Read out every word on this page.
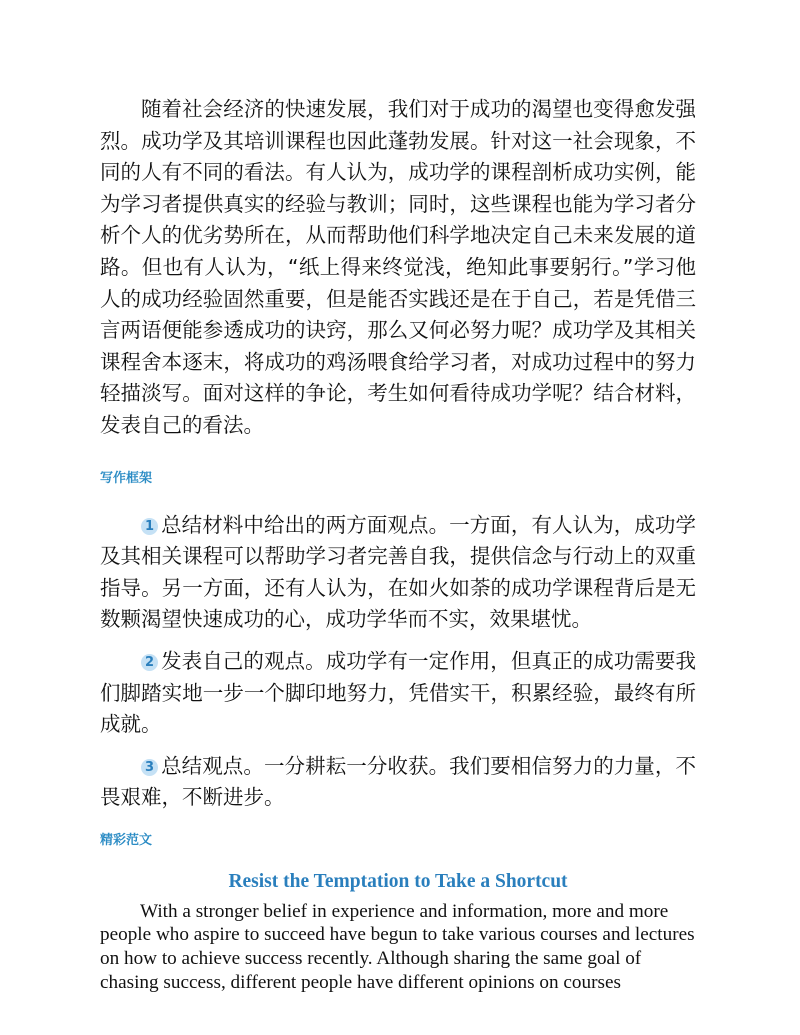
随着社会经济的快速发展，我们对于成功的渴望也变得愈发强烈。成功学及其培训课程也因此蓬勃发展。针对这一社会现象，不同的人有不同的看法。有人认为，成功学的课程剖析成功实例，能为学习者提供真实的经验与教训；同时，这些课程也能为学习者分析个人的优劣势所在，从而帮助他们科学地决定自己未来发展的道路。但也有人认为，“纸上得来终觉浅，绝知此事要躬行。”学习他人的成功经验固然重要，但是能否实践还是在于自己，若是凭借三言两语便能参透成功的诀窍，那么又何必努力呢？成功学及其相关课程舍本逐末，将成功的鸡汤喂食给学习者，对成功过程中的努力轻描淡写。面对这样的争论，考生如何看待成功学呢？结合材料，发表自己的看法。

写作框架

1 总结材料中给出的两方面观点。一方面，有人认为，成功学及其相关课程可以帮助学习者完善自我，提供信念与行动上的双重指导。另一方面，还有人认为，在如火如荼的成功学课程背后是无数颗渴望快速成功的心，成功学华而不实，效果堪忧。

2 发表自己的观点。成功学有一定作用，但真正的成功需要我们脚踏实地一步一个脚印地努力，凭借实干，积累经验，最终有所成就。

3 总结观点。一分耕耘一分收获。我们要相信努力的力量，不畏艰难，不断进步。

精彩范文
Resist the Temptation to Take a Shortcut

With a stronger belief in experience and information, more and more people who aspire to succeed have begun to take various courses and lectures on how to achieve success recently. Although sharing the same goal of chasing success, different people have different opinions on courses
